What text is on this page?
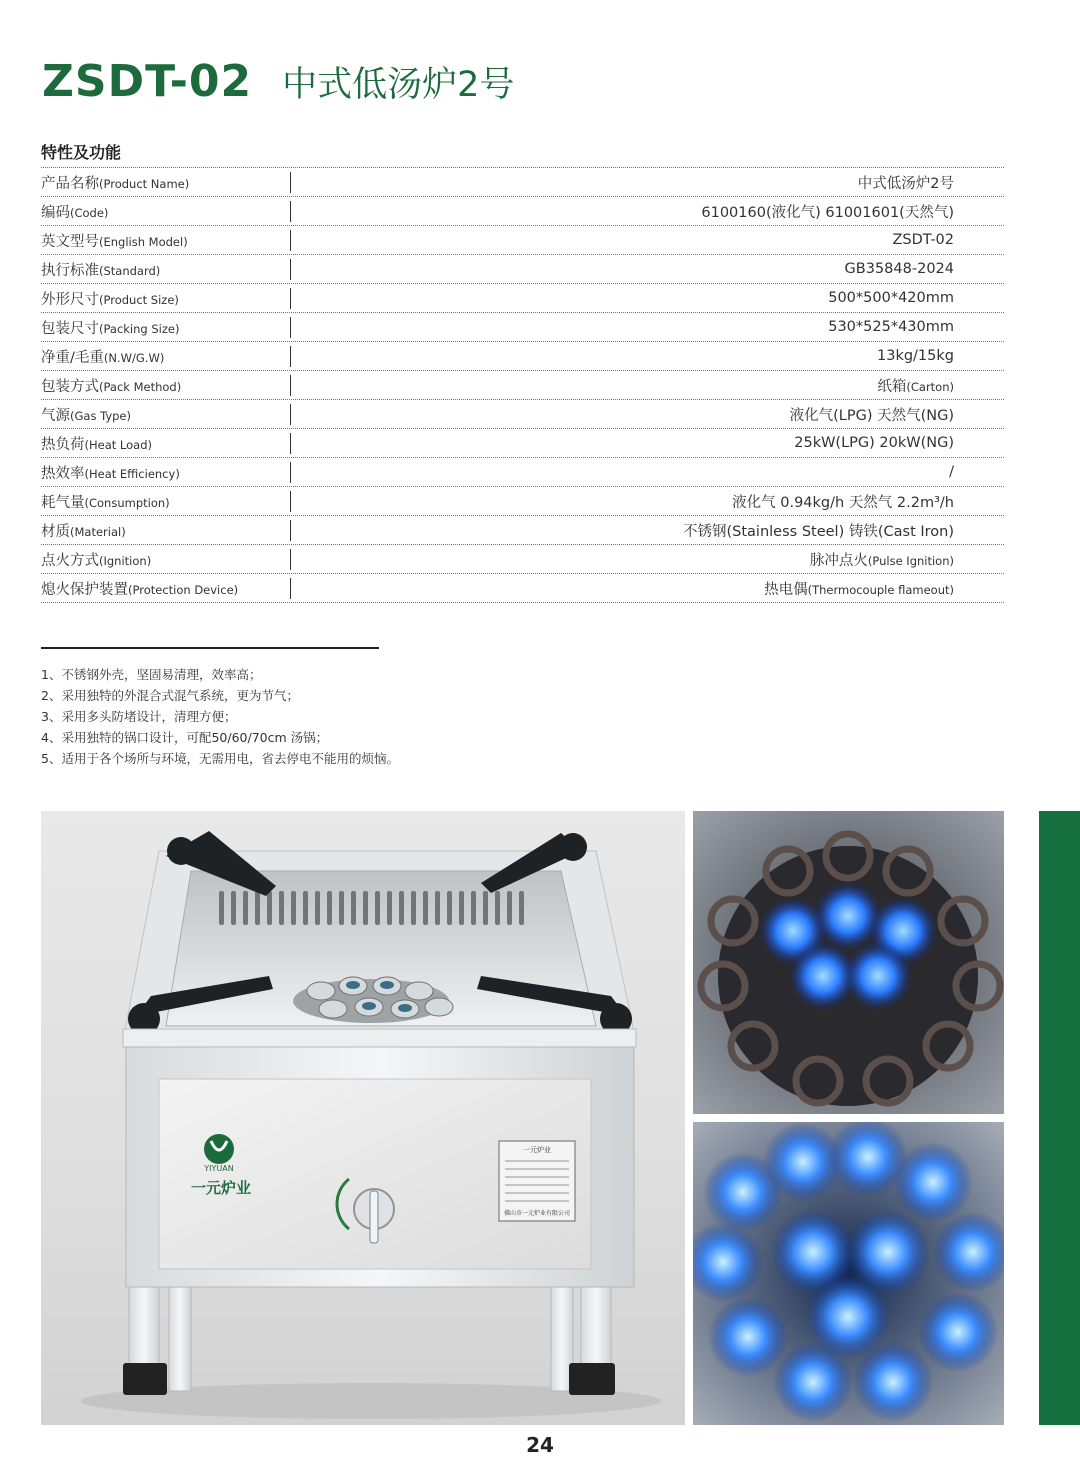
ZSDT-02 中式低汤炉2号
特性及功能
产品名称(Product Name)	中式低汤炉2号
编码(Code)	6100160(液化气) 61001601(天然气)
英文型号(English Model)	ZSDT-02
执行标准(Standard)	GB35848-2024
外形尺寸(Product Size)	500*500*420mm
包装尺寸(Packing Size)	530*525*430mm
净重/毛重(N.W/G.W)	13kg/15kg
包装方式(Pack Method)	纸箱(Carton)
气源(Gas Type)	液化气(LPG) 天然气(NG)
热负荷(Heat Load)	25kW(LPG) 20kW(NG)
热效率(Heat Efficiency)	/
耗气量(Consumption)	液化气 0.94kg/h 天然气 2.2m³/h
材质(Material)	不锈钢(Stainless Steel) 铸铁(Cast Iron)
点火方式(Ignition)	脉冲点火(Pulse Ignition)
熄火保护装置(Protection Device)	热电偶(Thermocouple flameout)
1、不锈钢外壳，坚固易清理，效率高；
2、采用独特的外混合式混气系统，更为节气；
3、采用多头防堵设计，清理方便；
4、采用独特的锅口设计，可配50/60/70cm 汤锅；
5、适用于各个场所与环境，无需用电，省去停电不能用的烦恼。
YIYUAN
一元炉业
一元炉业
佛山市一元炉业有限公司
24
